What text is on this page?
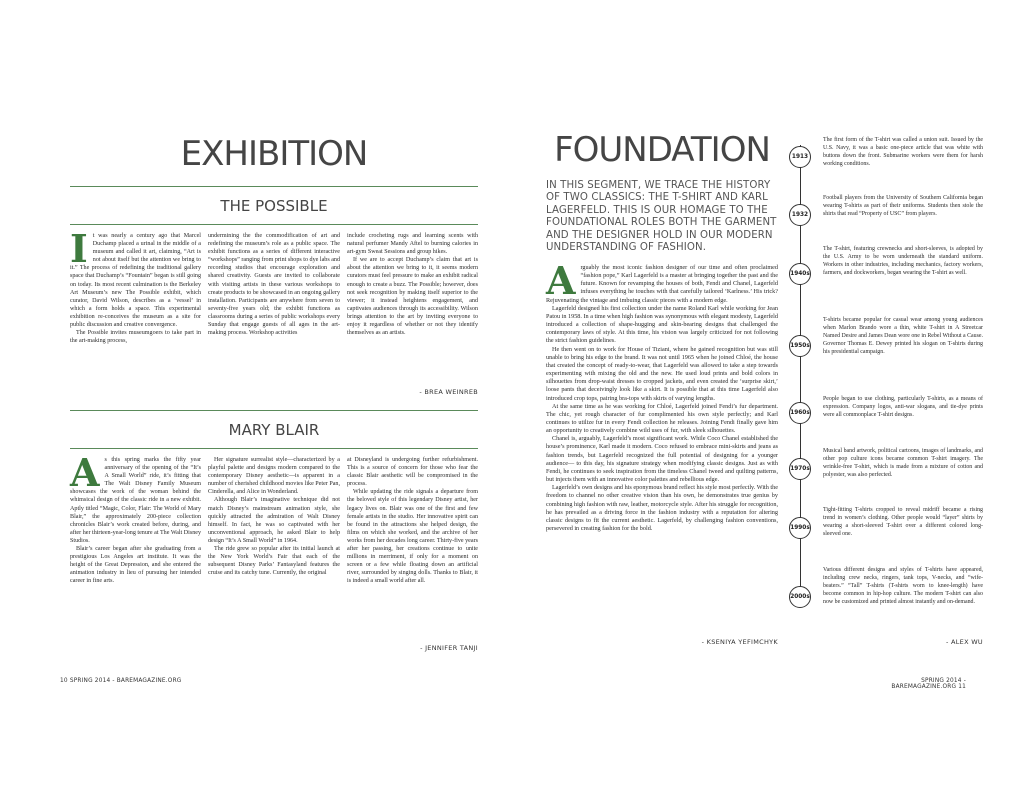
EXHIBITION
THE POSSIBLE

It was nearly a century ago that Marcel Duchamp placed a urinal in the middle of a museum and called it art, claiming, “Art is not about itself but the attention we bring to it.” The process of redefining the traditional gallery space that Duchamp’s “Fountain” began is still going on today. Its most recent culmination is the Berkeley Art Museum’s new The Possible exhibit, which curator, David Wilson, describes as a ‘vessel’ in which a form holds a space. This experimental exhibition re-conceives the museum as a site for public discussion and creative convergence.

The Possible invites museumgoers to take part in the art-making process,

undermining the the commodification of art and redefining the museum’s role as a public space. The exhibit functions as a series of different interactive “workshops” ranging from print shops to dye labs and recording studios that encourage exploration and shared creativity. Guests are invited to collaborate with visiting artists in these various workshops to create products to be showcased in an ongoing gallery installation. Participants are anywhere from seven to seventy-five years old; the exhibit functions as classrooms during a series of public workshops every Sunday that engage guests of all ages in the art-making process. Workshop activities

include crocheting rugs and learning scents with natural perfumer Mandy Aftel to burning calories in art-gym Sweat Sessions and group hikes.

If we are to accept Duchamp’s claim that art is about the attention we bring to it, it seems modern curators must feel pressure to make an exhibit radical enough to create a buzz. The Possible; however, does not seek recognition by making itself superior to the viewer; it instead heightens engagement, and captivates audiences through its accessibility. Wilson brings attention to the art by inviting everyone to enjoy it regardless of whether or not they identify themselves as an artists.

- BREA WEINREB
MARY BLAIR

As this spring marks the fifty year anniversary of the opening of the “It’s A Small World” ride, it’s fitting that The Walt Disney Family Museum showcases the work of the woman behind the whimsical design of the classic ride in a new exhibit. Aptly titled “Magic, Color, Flair: The World of Mary Blair,” the approximately 200-piece collection chronicles Blair’s work created before, during, and after her thirteen-year-long tenure at The Walt Disney Studios.

Blair’s career began after she graduating from a prestigious Los Angeles art institute. It was the height of the Great Depression, and she entered the animation industry in lieu of pursuing her intended career in fine arts.

Her signature surrealist style—characterized by a playful palette and designs modern compared to the contemporary Disney aesthetic—is apparent in a number of cherished childhood movies like Peter Pan, Cinderella, and Alice in Wonderland.

Although Blair’s imaginative technique did not match Disney’s mainstream animation style, she quickly attracted the admiration of Walt Disney himself. In fact, he was so captivated with her unconventional approach, he asked Blair to help design “It’s A Small World” in 1964.

The ride grew so popular after its initial launch at the New York World’s Fair that each of the subsequent Disney Parks’ Fantasyland features the cruise and its catchy tune. Currently, the original

at Disneyland is undergoing further refurbishment. This is a source of concern for those who fear the classic Blair aesthetic will be compromised in the process.

While updating the ride signals a departure from the beloved style of this legendary Disney artist, her legacy lives on. Blair was one of the first and few female artists in the studio. Her innovative spirit can be found in the attractions she helped design, the films on which she worked, and the archive of her works from her decades long career. Thirty-five years after her passing, her creations continue to unite millions in merriment, if only for a moment on screen or a few while floating down an artificial river, surrounded by singing dolls. Thanks to Blair, it is indeed a small world after all.

- JENNIFER TANJI
10 SPRING 2014 - BAREMAGAZINE.ORG
FOUNDATION
IN THIS SEGMENT, WE TRACE THE HISTORY OF TWO CLASSICS: THE T-SHIRT AND KARL LAGERFELD. THIS IS OUR HOMAGE TO THE FOUNDATIONAL ROLES BOTH THE GARMENT AND THE DESIGNER HOLD IN OUR MODERN UNDERSTANDING OF FASHION.

Arguably the most iconic fashion designer of our time and often proclaimed “fashion pope,” Karl Lagerfeld is a master at bringing together the past and the future. Known for revamping the houses of both, Fendi and Chanel, Lagerfeld infuses everything he touches with that carefully tailored ‘Karlness.’ His trick? Rejuvenating the vintage and imbuing classic pieces with a modern edge.

Lagerfeld designed his first collection under the name Roland Karl while working for Jean Patou in 1958. In a time when high fashion was synonymous with elegant modesty, Lagerfeld introduced a collection of shape-hugging and skin-bearing designs that challenged the contemporary laws of style. At this time, his vision was largely criticized for not following the strict fashion guidelines.

He then went on to work for House of Tiziani, where he gained recognition but was still unable to bring his edge to the brand. It was not until 1965 when he joined Chloé, the house that created the concept of ready-to-wear, that Lagerfeld was allowed to take a step towards experimenting with mixing the old and the new. He used loud prints and bold colors in silhouettes from drop-waist dresses to cropped jackets, and even created the ‘surprise skirt,’ loose pants that deceivingly look like a skirt. It is possible that at this time Lagerfeld also introduced crop tops, pairing bra-tops with skirts of varying lengths.

At the same time as he was working for Chloé, Lagerfeld joined Fendi’s fur department. The chic, yet rough character of fur complimented his own style perfectly; and Karl continues to utilize fur in every Fendi collection he releases. Joining Fendi finally gave him an opportunity to creatively combine wild uses of fur, with sleek silhouettes.

Chanel is, arguably, Lagerfeld’s most significant work. While Coco Chanel established the house’s prominence, Karl made it modern. Coco refused to embrace mini-skirts and jeans as fashion trends, but Lagerfeld recognized the full potential of designing for a younger audience— to this day, his signature strategy when modifying classic designs. Just as with Fendi, he continues to seek inspiration from the timeless Chanel tweed and quilting patterns, but injects them with an innovative color palettes and rebellious edge.

Lagerfeld’s own designs and his eponymous brand reflect his style most perfectly. With the freedom to channel no other creative vision than his own, he demonstrates true genius by combining high fashion with raw, leather, motorcycle style. After his struggle for recognition, he has prevailed as a driving force in the fashion industry with a reputation for altering classic designs to fit the current aesthetic. Lagerfeld, by challenging fashion conventions, persevered in creating fashion for the bold.

- KSENIYA YEFIMCHYK
1913
The first form of the T-shirt was called a union suit. Issued by the U.S. Navy, it was a basic one-piece article that was white with buttons down the front. Submarine workers were them for harsh working conditions.
1932
Football players from the University of Southern California began wearing T-shirts as part of their uniforms. Students then stole the shirts that read “Property of USC” from players.
1940s
The T-shirt, featuring crewnecks and short-sleeves, is adopted by the U.S. Army to be worn underneath the standard uniform. Workers in other industries, including mechanics, factory workers, farmers, and dockworkers, began wearing the T-shirt as well.
1950s
T-shirts became popular for casual wear among young audiences when Marlon Brando wore a thin, white T-shirt in A Streetcar Named Desire and James Dean wore one in Rebel Without a Cause. Governor Thomas E. Dewey printed his slogan on T-shirts during his presidential campaign.
1960s
People began to use clothing, particularly T-shirts, as a means of expression. Company logos, anti-war slogans, and tie-dye prints were all commonplace T-shirt designs.
1970s
Musical band artwork, political cartoons, images of landmarks, and other pop culture icons became common T-shirt imagery. The wrinkle-free T-shirt, which is made from a mixture of cotton and polyester, was also perfected.
1990s
Tight-fitting T-shirts cropped to reveal midriff became a rising trend in women’s clothing. Other people would “layer” shirts by wearing a short-sleeved T-shirt over a different colored long-sleeved one.
2000s
Various different designs and styles of T-shirts have appeared, including crew necks, ringers, tank tops, V-necks, and “wife-beaters.” “Tall” T-shirts (T-shirts worn to knee-length) have become common in hip-hop culture. The modern T-shirt can also now be customized and printed almost instantly and on-demand.
- ALEX WU
SPRING 2014 - BAREMAGAZINE.ORG 11
